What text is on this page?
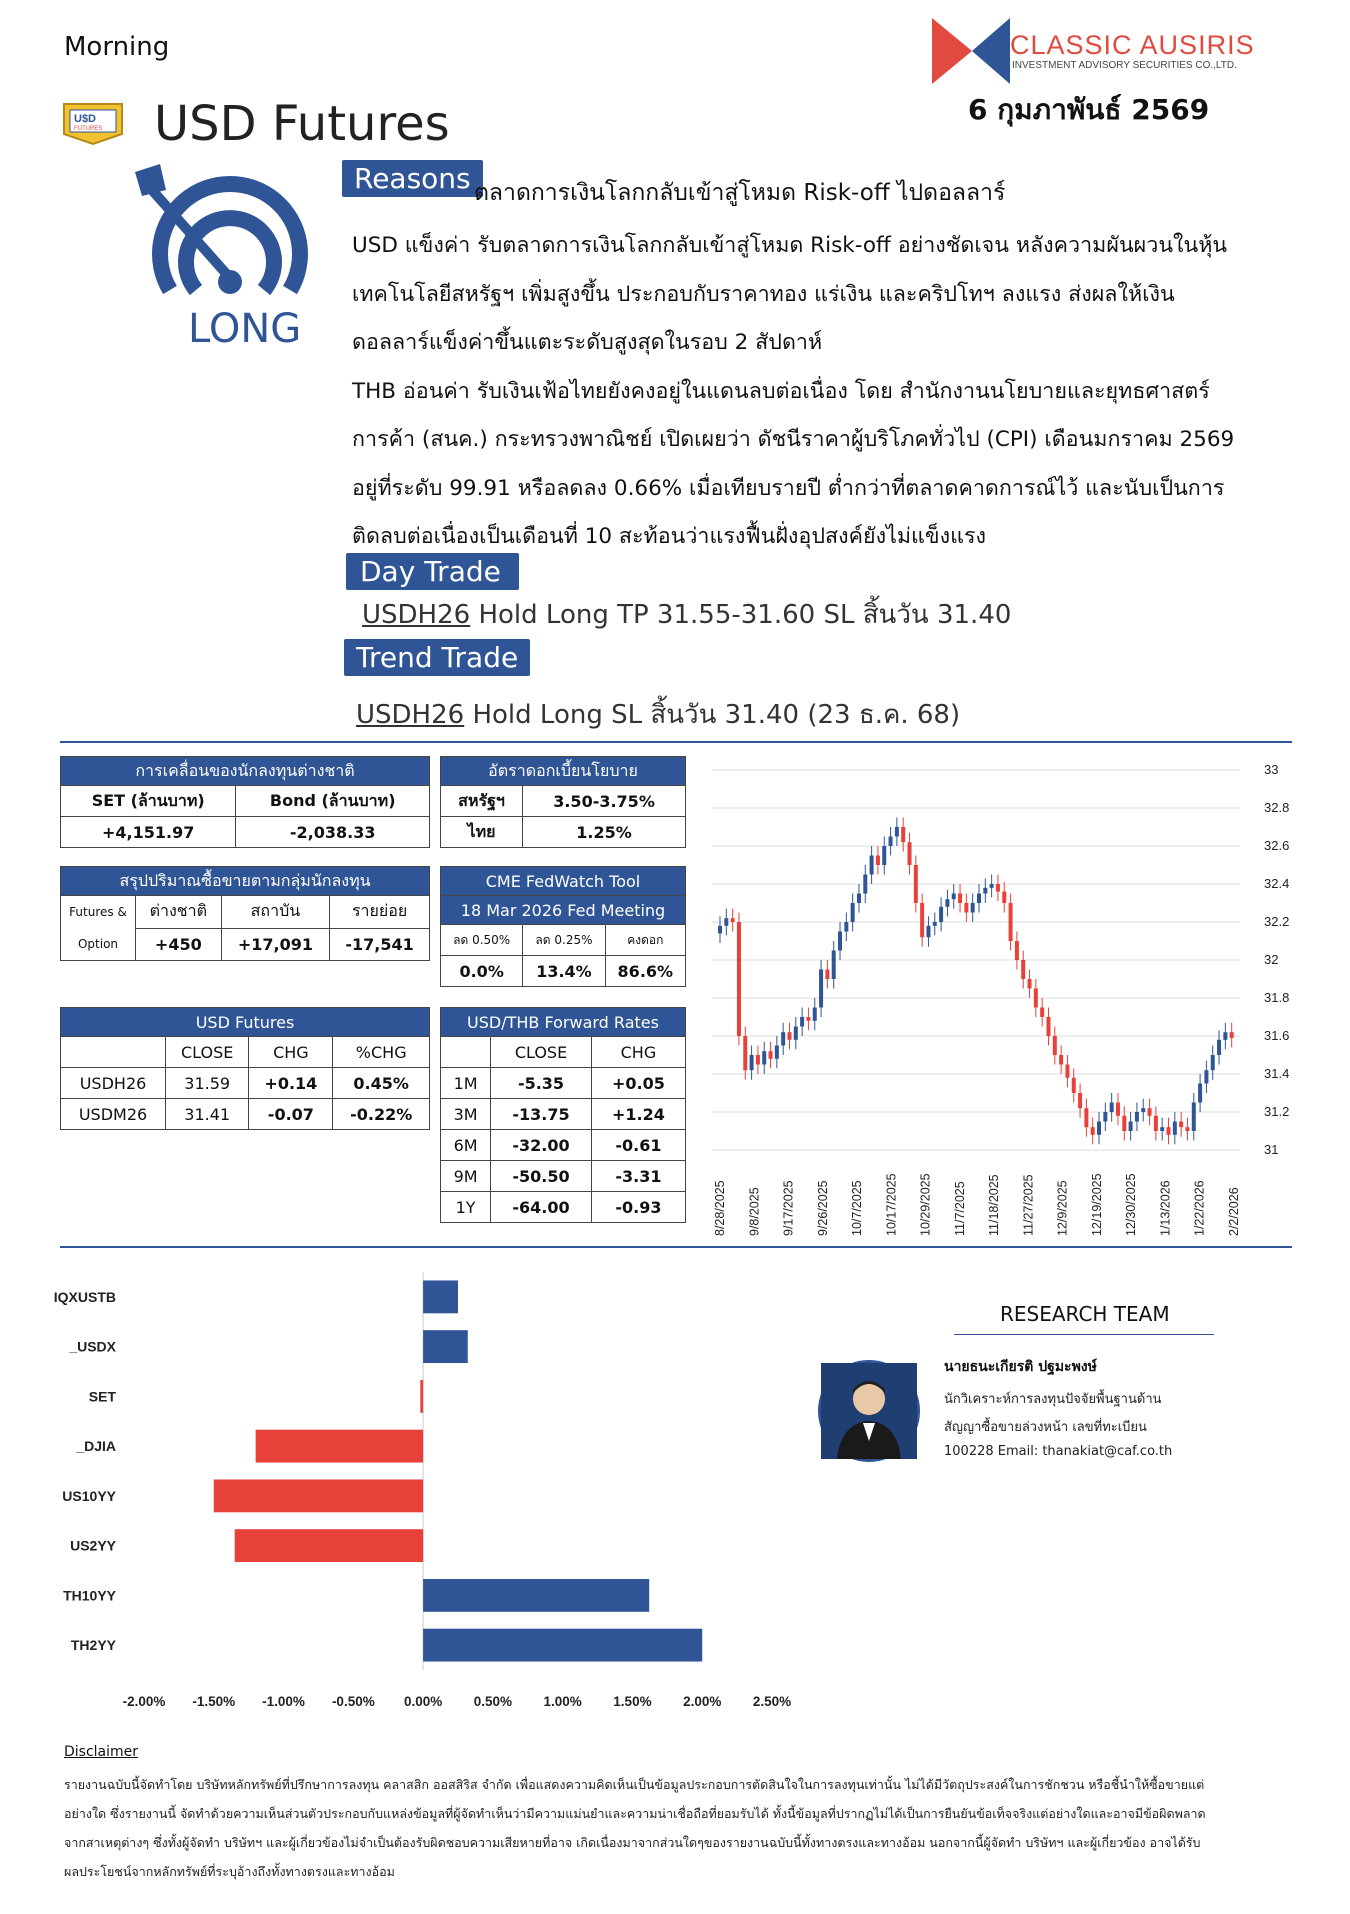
Morning	CLASSIC AUSIRIS
INVESTMENT ADVISORY SECURITIES CO.,LTD.
6 กุมภาพันธ์ 2569
U$D
FUTURES USD Futures
LONG
Reasons ตลาดการเงินโลกกลับเข้าสู่โหมด Risk-off ไปดอลลาร์

USD แข็งค่า รับตลาดการเงินโลกกลับเข้าสู่โหมด Risk-off อย่างชัดเจน หลังความผันผวนในหุ้น

เทคโนโลยีสหรัฐฯ เพิ่มสูงขึ้น ประกอบกับราคาทอง แร่เงิน และคริปโทฯ ลงแรง ส่งผลให้เงิน

ดอลลาร์แข็งค่าขึ้นแตะระดับสูงสุดในรอบ 2 สัปดาห์

THB อ่อนค่า รับเงินเฟ้อไทยยังคงอยู่ในแดนลบต่อเนื่อง โดย สำนักงานนโยบายและยุทธศาสตร์

การค้า (สนค.) กระทรวงพาณิชย์ เปิดเผยว่า ดัชนีราคาผู้บริโภคทั่วไป (CPI) เดือนมกราคม 2569

อยู่ที่ระดับ 99.91 หรือลดลง 0.66% เมื่อเทียบรายปี ต่ำกว่าที่ตลาดคาดการณ์ไว้ และนับเป็นการ

ติดลบต่อเนื่องเป็นเดือนที่ 10 สะท้อนว่าแรงฟื้นฝั่งอุปสงค์ยังไม่แข็งแรง

Day Trade
USDH26 Hold Long TP 31.55-31.60 SL สิ้นวัน 31.40
Trend Trade
USDH26 Hold Long SL สิ้นวัน 31.40 (23 ธ.ค. 68)
การเคลื่อนของนักลงทุนต่างชาติ	
SET (ล้านบาท)	Bond (ล้านบาท)
+4,151.97	-2,038.33
อัตราดอกเบี้ยนโยบาย	
สหรัฐฯ	3.50-3.75%
ไทย	1.25%
สรุปปริมาณซื้อขายตามกลุ่มนักลงทุน			
Futures &
Option	ต่างชาติ	สถาบัน	รายย่อย
	+450	+17,091	-17,541
CME FedWatch Tool		
18 Mar 2026 Fed Meeting		
ลด 0.50%	ลด 0.25%	คงดอก
0.0%	13.4%	86.6%
USD Futures			
	CLOSE	CHG	%CHG
USDH26	31.59	+0.14	0.45%
USDM26	31.41	-0.07	-0.22%
USD/THB Forward Rates		
	CLOSE	CHG
1M	-5.35	+0.05
3M	-13.75	+1.24
6M	-32.00	-0.61
9M	-50.50	-3.31
1Y	-64.00	-0.93
33
32.8
32.6
32.4
32.2
32
31.8
31.6
31.4
31.2
31
8/28/2025 9/8/2025 9/17/2025 9/26/2025 10/7/2025 10/17/2025 10/29/2025 11/7/2025 11/18/2025 11/27/2025 12/9/2025 12/19/2025 12/30/2025 1/13/2026 1/22/2026 2/2/2026
IQXUSTB
_USDX
SET
_DJIA
US10YY
US2YY
TH10YY
TH2YY
-2.00% -1.50% -1.00% -0.50% 0.00% 0.50% 1.00% 1.50% 2.00% 2.50%
RESEARCH TEAM
นายธนะเกียรติ ปฐมะพงษ์
นักวิเคราะห์การลงทุนปัจจัยพื้นฐานด้าน
สัญญาซื้อขายล่วงหน้า เลขที่ทะเบียน
100228 Email: thanakiat@caf.co.th
Disclaimer
รายงานฉบับนี้จัดทำโดย บริษัทหลักทรัพย์ที่ปรึกษาการลงทุน คลาสสิก ออสสิริส จำกัด เพื่อแสดงความคิดเห็นเป็นข้อมูลประกอบการตัดสินใจในการลงทุนเท่านั้น ไม่ได้มีวัตถุประสงค์ในการชักชวน หรือชี้นำให้ซื้อขายแต่
อย่างใด ซึ่งรายงานนี้ จัดทำด้วยความเห็นส่วนตัวประกอบกับแหล่งข้อมูลที่ผู้จัดทำเห็นว่ามีความแม่นยำและความน่าเชื่อถือที่ยอมรับได้ ทั้งนี้ข้อมูลที่ปรากฏไม่ได้เป็นการยืนยันข้อเท็จจริงแต่อย่างใดและอาจมีข้อผิดพลาด
จากสาเหตุต่างๆ ซึ่งทั้งผู้จัดทำ บริษัทฯ และผู้เกี่ยวข้องไม่จำเป็นต้องรับผิดชอบความเสียหายที่อาจ เกิดเนื่องมาจากส่วนใดๆของรายงานฉบับนี้ทั้งทางตรงและทางอ้อม นอกจากนี้ผู้จัดทำ บริษัทฯ และผู้เกี่ยวข้อง อาจได้รับ
ผลประโยชน์จากหลักทรัพย์ที่ระบุอ้างถึงทั้งทางตรงและทางอ้อม
